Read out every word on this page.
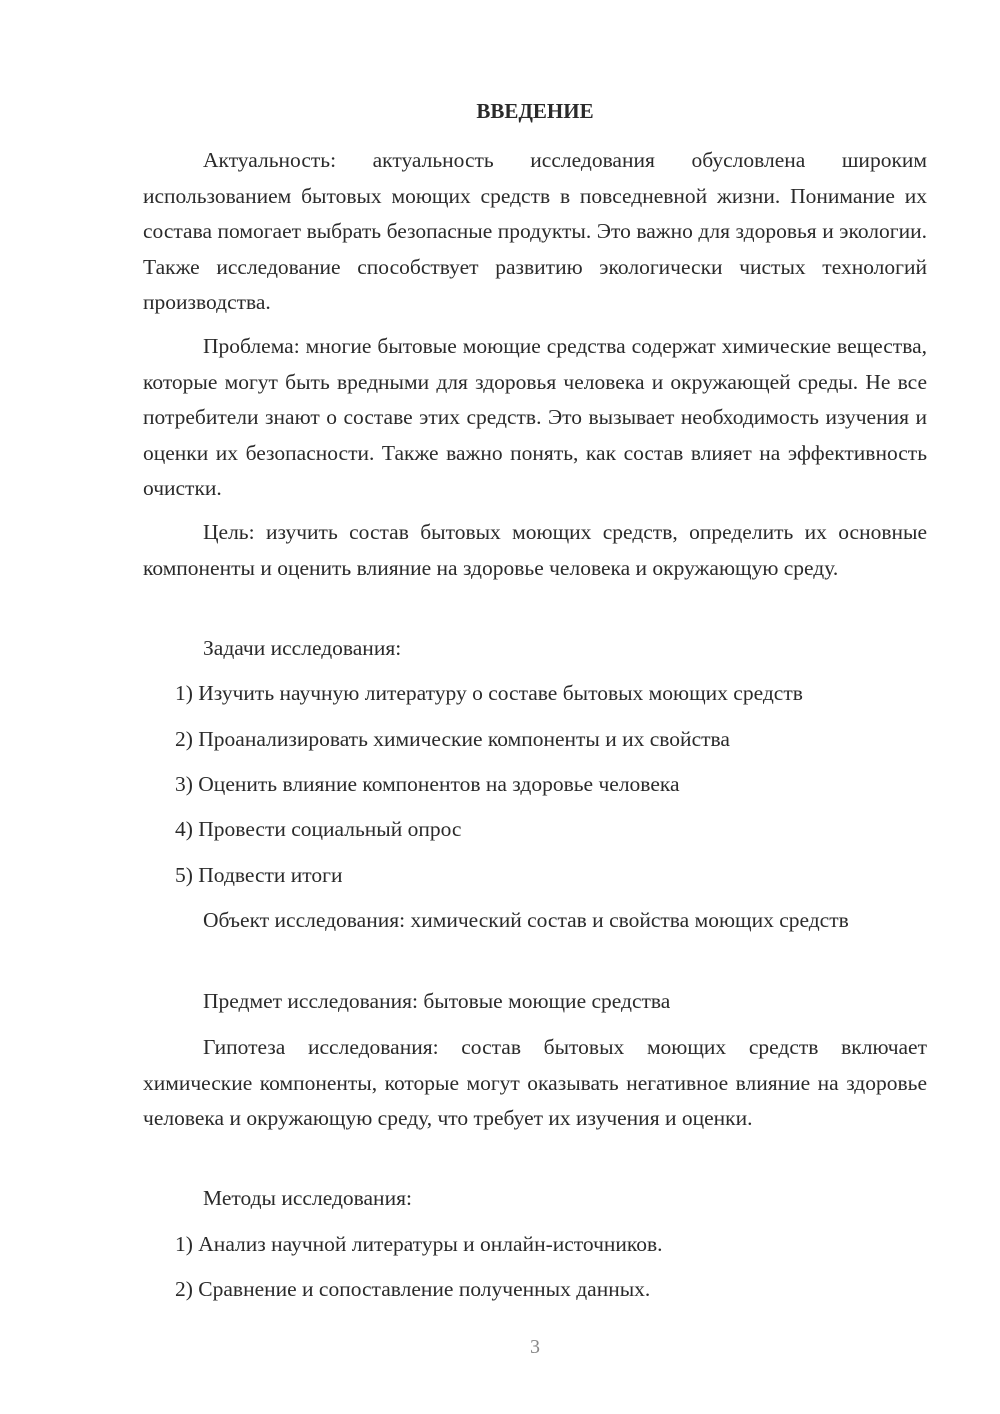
ВВЕДЕНИЕ

Актуальность: актуальность исследования обусловлена широким использованием бытовых моющих средств в повседневной жизни. Понимание их состава помогает выбрать безопасные продукты. Это важно для здоровья и экологии. Также исследование способствует развитию экологически чистых технологий производства.

Проблема: многие бытовые моющие средства содержат химические вещества, которые могут быть вредными для здоровья человека и окружающей среды. Не все потребители знают о составе этих средств. Это вызывает необходимость изучения и оценки их безопасности. Также важно понять, как состав влияет на эффективность очистки.

Цель: изучить состав бытовых моющих средств, определить их основные компоненты и оценить влияние на здоровье человека и окружающую среду.

Задачи исследования:

1) Изучить научную литературу о составе бытовых моющих средств

2) Проанализировать химические компоненты и их свойства

3) Оценить влияние компонентов на здоровье человека

4) Провести социальный опрос

5) Подвести итоги

Объект исследования: химический состав и свойства моющих средств

Предмет исследования: бытовые моющие средства

Гипотеза исследования: состав бытовых моющих средств включает химические компоненты, которые могут оказывать негативное влияние на здоровье человека и окружающую среду, что требует их изучения и оценки.

Методы исследования:

1) Анализ научной литературы и онлайн-источников.

2) Сравнение и сопоставление полученных данных.

3
